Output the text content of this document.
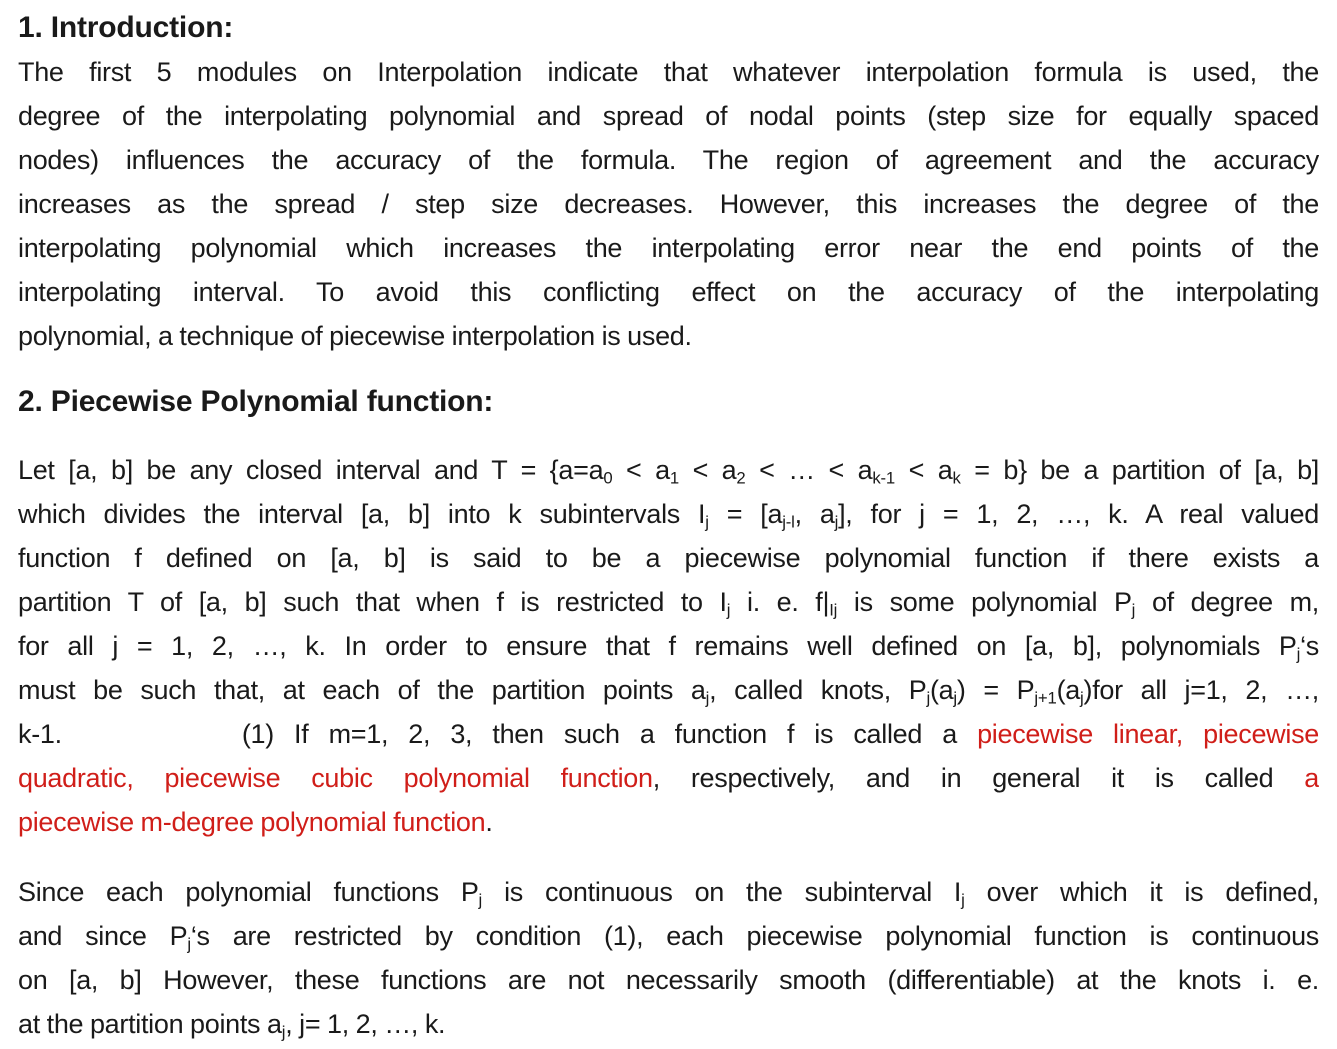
1. Introduction:
The first 5 modules on Interpolation indicate that whatever interpolation formula is used, the
degree of the interpolating polynomial and spread of nodal points (step size for equally spaced
nodes) influences the accuracy of the formula. The region of agreement and the accuracy
increases as the spread / step size decreases. However, this increases the degree of the
interpolating polynomial which increases the interpolating error near the end points of the
interpolating interval. To avoid this conflicting effect on the accuracy of the interpolating
polynomial, a technique of piecewise interpolation is used.
2. Piecewise Polynomial function:
Let [a, b] be any closed interval and $T = \{a=a_0 < a_1 < a_2$ < … < $a_{k-1} < a_k = b$} be a partition of [a, b]
which divides the interval [a, b] into k subintervals $I_j = [a_{j-l}$, $a_j$], for j = 1, 2, …, k. A real valued
function f defined on [a, b] is said to be a piecewise polynomial function if there exists a
partition T of [a, b] such that when f is restricted to $I_j$ i. e. $f|_{Ij}$ is some polynomial $P_j$ of degree m,
for all j = 1, 2, …, k. In order to ensure that f remains well defined on [a, b], polynomials $P_j‘s$
must be such that, at each of the partition points $a_j$, called knots, $P_j(a_j) = P_{j+1}(a_j)for$ all j=1, 2, …,
k-1.	(1) If m=1, 2, 3, then such a function f is called a piecewise linear, piecewise
quadratic, piecewise cubic polynomial function, respectively, and in general it is called a
piecewise m-degree polynomial function.
Since each polynomial functions $P_j$ is continuous on the subinterval $I_j$ over which it is defined,
and since $P_j‘s$ are restricted by condition (1), each piecewise polynomial function is continuous
on [a, b] However, these functions are not necessarily smooth (differentiable) at the knots i. e.
at the partition points $a_j$, j= 1, 2, …, k.
